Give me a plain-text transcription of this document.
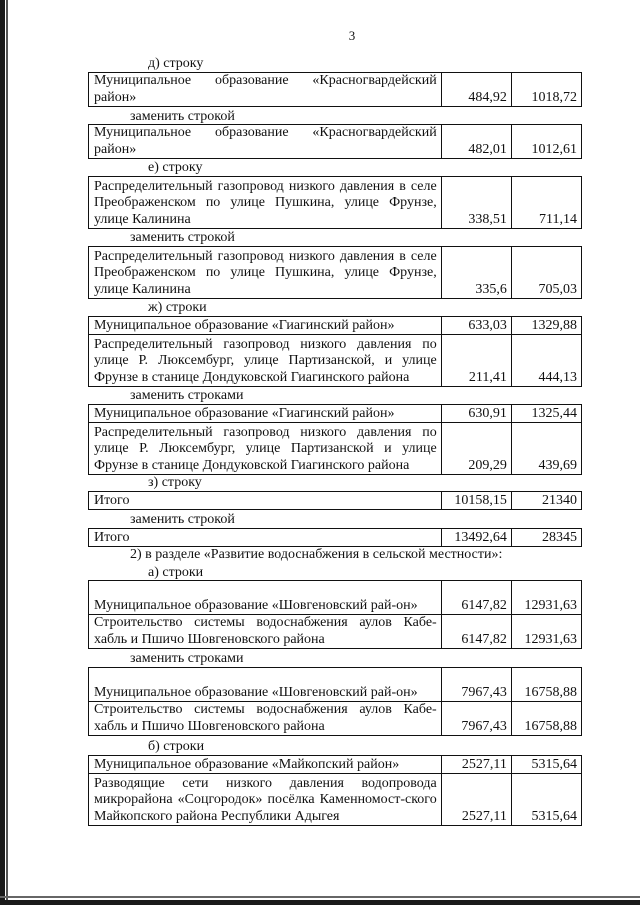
3
д) строку
Муниципальное образование «Красногвардейский район»	484,92	1018,72
заменить строкой
Муниципальное образование «Красногвардейский район»	482,01	1012,61
е) строку
Распределительный газопровод низкого давления в селе Преображенском по улице Пушкина, улице Фрунзе, улице Калинина	338,51	711,14
заменить строкой
Распределительный газопровод низкого давления в селе Преображенском по улице Пушкина, улице Фрунзе, улице Калинина	335,6	705,03
ж) строки
Муниципальное образование «Гиагинский район»	633,03	1329,88
Распределительный газопровод низкого давления по улице Р. Люксембург, улице Партизанской, и улице Фрунзе в станице Дондуковской Гиагинского района	211,41	444,13
заменить строками
Муниципальное образование «Гиагинский район»	630,91	1325,44
Распределительный газопровод низкого давления по улице Р. Люксембург, улице Партизанской и улице Фрунзе в станице Дондуковской Гиагинского района	209,29	439,69
з) строку
Итого	10158,15	21340
заменить строкой
Итого	13492,64	28345
2) в разделе «Развитие водоснабжения в сельской местности»:
а) строки
Муниципальное образование «Шовгеновский рай-он»	6147,82	12931,63
Строительство системы водоснабжения аулов Кабе-хабль и Пшичо Шовгеновского района	6147,82	12931,63
заменить строками
Муниципальное образование «Шовгеновский рай-он»	7967,43	16758,88
Строительство системы водоснабжения аулов Кабе-хабль и Пшичо Шовгеновского района	7967,43	16758,88
б) строки
Муниципальное образование «Майкопский район»	2527,11	5315,64
Разводящие сети низкого давления водопровода микрорайона «Соцгородок» посёлка Каменномост-ского Майкопского района Республики Адыгея	2527,11	5315,64
